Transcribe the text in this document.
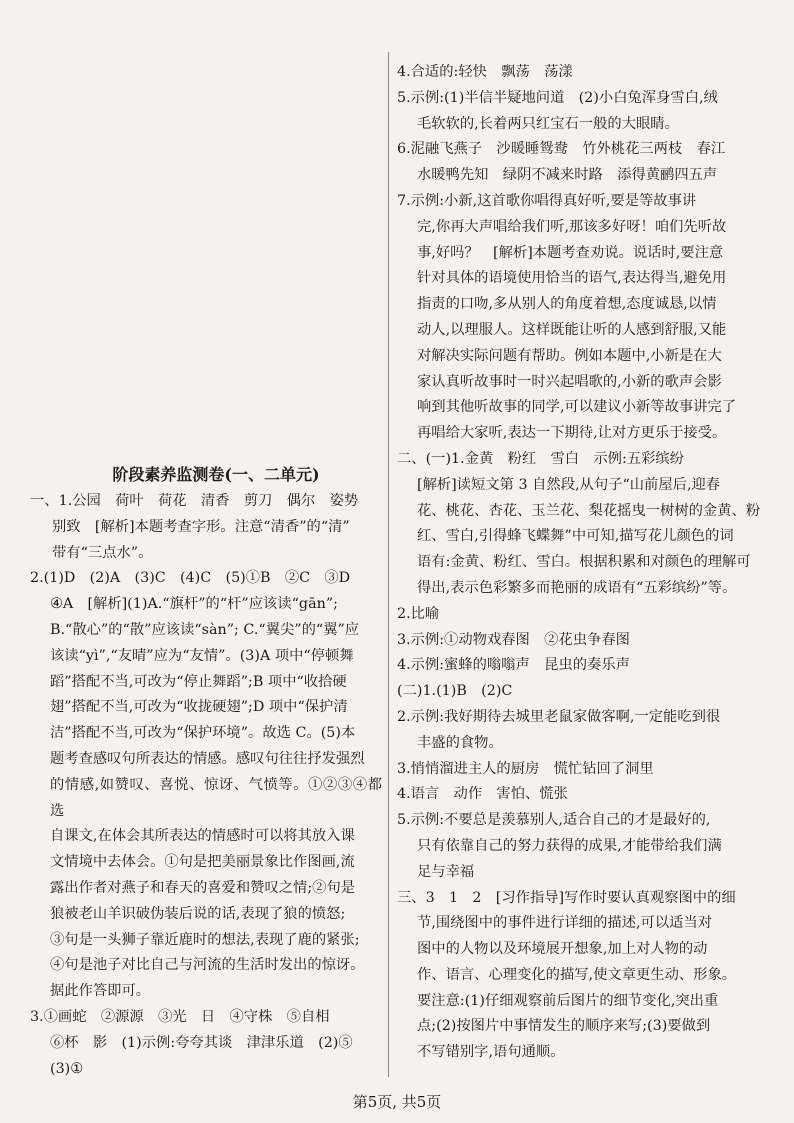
阶段素养监测卷(一、二单元)

一、1.公园　荷叶　荷花　清香　剪刀　偶尔　姿势

别致　[解析]本题考查字形。注意“清香”的“清”

带有“三点水”。

2.(1)D　(2)A　(3)C　(4)C　(5)①B　②C　③D

④A　[解析](1)A.“旗杆”的“杆”应该读“gān”;

B.“散心”的“散”应该读“sàn”; C.“翼尖”的“翼”应

该读“yì”,“友晴”应为“友情”。(3)A 项中“停顿舞

蹈”搭配不当,可改为“停止舞蹈”;B 项中“收拾硬

翅”搭配不当,可改为“收拢硬翅”;D 项中“保护清

洁”搭配不当,可改为“保护环境”。故选 C。(5)本

题考查感叹句所表达的情感。感叹句往往抒发强烈

的情感,如赞叹、喜悦、惊讶、气愤等。①②③④都选

自课文,在体会其所表达的情感时可以将其放入课

文情境中去体会。①句是把美丽景象比作图画,流

露出作者对燕子和春天的喜爱和赞叹之情;②句是

狼被老山羊识破伪装后说的话,表现了狼的愤怒;

③句是一头狮子靠近鹿时的想法,表现了鹿的紧张;

④句是池子对比自己与河流的生活时发出的惊讶。

据此作答即可。

3.①画蛇　②源源　③光　日　④守株　⑤自相

⑥杯　影　(1)示例:夸夸其谈　津津乐道　(2)⑤

(3)①

4.合适的:轻快　飘荡　荡漾

5.示例:(1)半信半疑地问道　(2)小白兔浑身雪白,绒

毛软软的,长着两只红宝石一般的大眼睛。

6.泥融飞燕子　沙暖睡鸳鸯　竹外桃花三两枝　春江

水暖鸭先知　绿阴不减来时路　添得黄鹂四五声

7.示例:小新,这首歌你唱得真好听,要是等故事讲

完,你再大声唱给我们听,那该多好呀！咱们先听故

事,好吗？　[解析]本题考查劝说。说话时,要注意

针对具体的语境使用恰当的语气,表达得当,避免用

指责的口吻,多从别人的角度着想,态度诚恳,以情

动人,以理服人。这样既能让听的人感到舒服,又能

对解决实际问题有帮助。例如本题中,小新是在大

家认真听故事时一时兴起唱歌的,小新的歌声会影

响到其他听故事的同学,可以建议小新等故事讲完了

再唱给大家听,表达一下期待,让对方更乐于接受。

二、(一)1.金黄　粉红　雪白　示例:五彩缤纷

[解析]读短文第 3 自然段,从句子“山前屋后,迎春

花、桃花、杏花、玉兰花、梨花摇曳一树树的金黄、粉

红、雪白,引得蜂飞蝶舞”中可知,描写花儿颜色的词

语有:金黄、粉红、雪白。根据积累和对颜色的理解可

得出,表示色彩繁多而艳丽的成语有“五彩缤纷”等。

2.比喻

3.示例:①动物戏春图　②花虫争春图

4.示例:蜜蜂的嗡嗡声　昆虫的奏乐声

(二)1.(1)B　(2)C

2.示例:我好期待去城里老鼠家做客啊,一定能吃到很

丰盛的食物。

3.悄悄溜进主人的厨房　慌忙钻回了洞里

4.语言　动作　害怕、慌张

5.示例:不要总是羡慕别人,适合自己的才是最好的,

只有依靠自己的努力获得的成果,才能带给我们满

足与幸福

三、3　1　2　[习作指导]写作时要认真观察图中的细

节,围绕图中的事件进行详细的描述,可以适当对

图中的人物以及环境展开想象,加上对人物的动

作、语言、心理变化的描写,使文章更生动、形象。

要注意:(1)仔细观察前后图片的细节变化,突出重

点;(2)按图片中事情发生的顺序来写;(3)要做到

不写错别字,语句通顺。

第5页, 共5页
